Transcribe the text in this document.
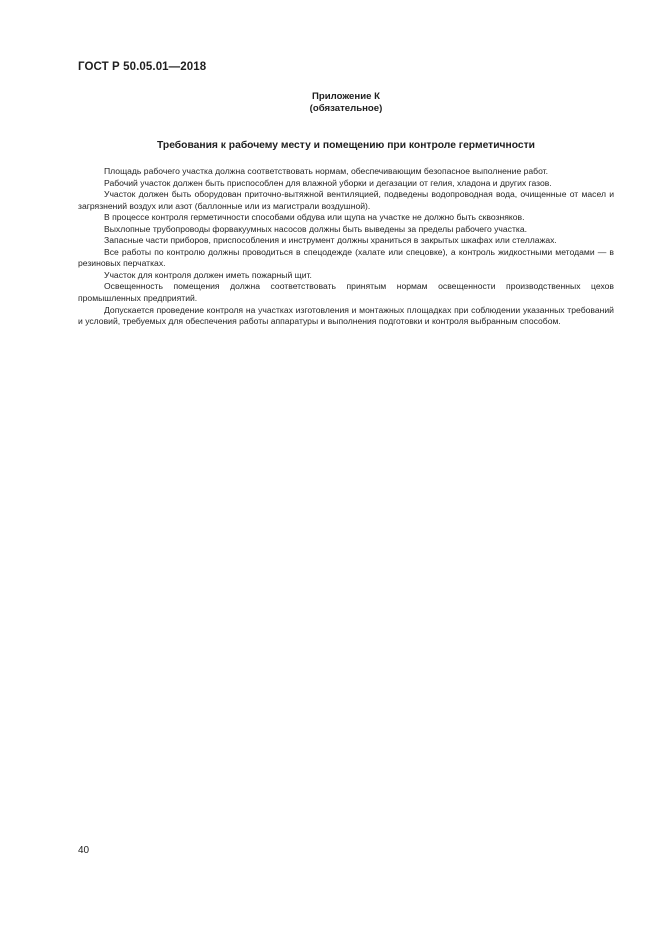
ГОСТ Р 50.05.01—2018
Приложение К
(обязательное)
Требования к рабочему месту и помещению при контроле герметичности

Площадь рабочего участка должна соответствовать нормам, обеспечивающим безопасное выполнение работ.

Рабочий участок должен быть приспособлен для влажной уборки и дегазации от гелия, хладона и других газов.

Участок должен быть оборудован приточно-вытяжной вентиляцией, подведены водопроводная вода, очищенные от масел и загрязнений воздух или азот (баллонные или из магистрали воздушной).

В процессе контроля герметичности способами обдува или щупа на участке не должно быть сквозняков.

Выхлопные трубопроводы форвакуумных насосов должны быть выведены за пределы рабочего участка.

Запасные части приборов, приспособления и инструмент должны храниться в закрытых шкафах или стеллажах.

Все работы по контролю должны проводиться в спецодежде (халате или спецовке), а контроль жидкостными методами — в резиновых перчатках.

Участок для контроля должен иметь пожарный щит.

Освещенность помещения должна соответствовать принятым нормам освещенности производственных цехов промышленных предприятий.

Допускается проведение контроля на участках изготовления и монтажных площадках при соблюдении указанных требований и условий, требуемых для обеспечения работы аппаратуры и выполнения подготовки и контроля выбранным способом.

40
